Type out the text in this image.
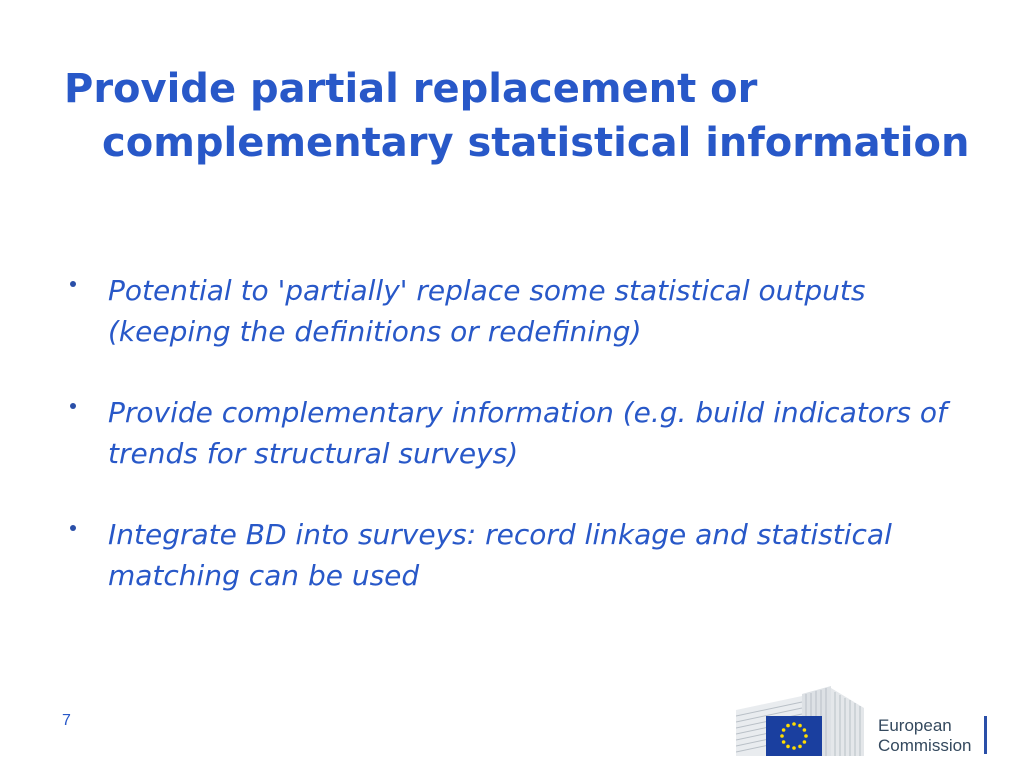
Provide partial replacement or complementary statistical information
Potential to 'partially' replace some statistical outputs (keeping the definitions or redefining)
Provide complementary information (e.g. build indicators of trends for structural surveys)
Integrate BD into surveys: record linkage and statistical matching can be used
7	European
Commission
